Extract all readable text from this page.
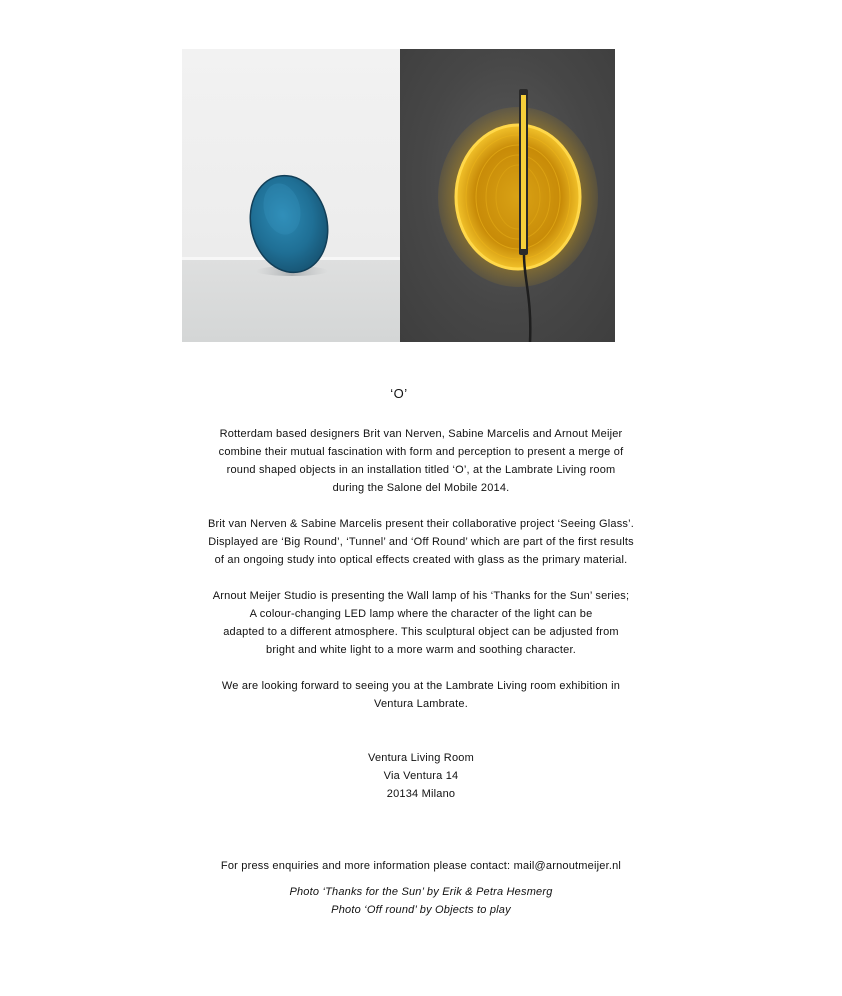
‘O’

Rotterdam based designers Brit van Nerven, Sabine Marcelis and Arnout Meijer

combine their mutual fascination with form and perception to present a merge of

round shaped objects in an installation titled ‘O’, at the Lambrate Living room

during the Salone del Mobile 2014.

Brit van Nerven & Sabine Marcelis present their collaborative project ‘Seeing Glass’.

Displayed are ‘Big Round’, ‘Tunnel’ and ‘Off Round’ which are part of the first results

of an ongoing study into optical effects created with glass as the primary material.

Arnout Meijer Studio is presenting the Wall lamp of his ‘Thanks for the Sun’ series;

A colour-changing LED lamp where the character of the light can be

adapted to a different atmosphere. This sculptural object can be adjusted from

bright and white light to a more warm and soothing character.

We are looking forward to seeing you at the Lambrate Living room exhibition in

Ventura Lambrate.

Ventura Living Room

Via Ventura 14

20134 Milano

For press enquiries and more information please contact: mail@arnoutmeijer.nl

Photo ‘Thanks for the Sun’ by Erik & Petra Hesmerg

Photo ‘Off round’ by Objects to play
